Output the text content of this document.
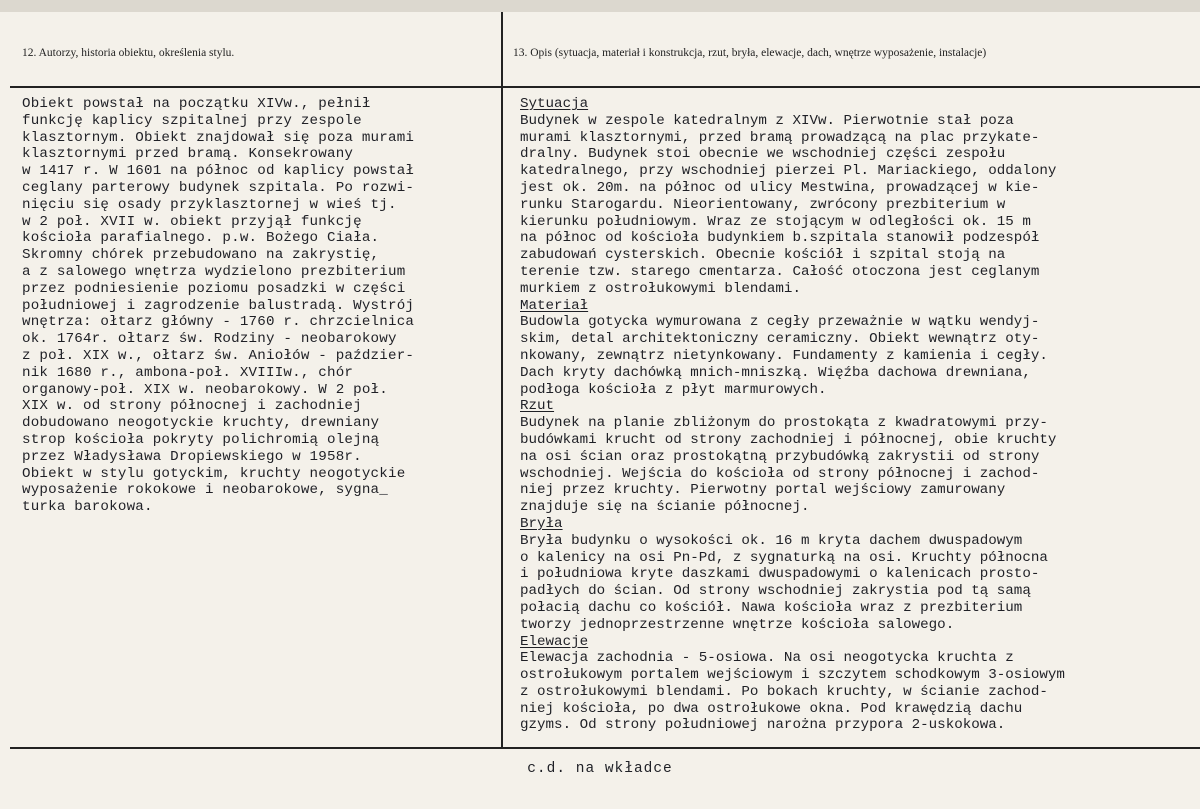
12. Autorzy, historia obiektu, określenia stylu.	13. Opis (sytuacja, materiał i konstrukcja, rzut, bryła, elewacje, dach, wnętrze wyposażenie, instalacje)
Obiekt powstał na początku XIVw., pełnił
funkcję kaplicy szpitalnej przy zespole
klasztornym. Obiekt znajdował się poza murami
klasztornymi przed bramą. Konsekrowany
w 1417 r. W 1601 na północ od kaplicy powstał
ceglany parterowy budynek szpitala. Po rozwi-
nięciu się osady przyklasztornej w wieś tj.
w 2 poł. XVII w. obiekt przyjął funkcję
kościoła parafialnego. p.w. Bożego Ciała.
Skromny chórek przebudowano na zakrystię,
a z salowego wnętrza wydzielono prezbiterium
przez podniesienie poziomu posadzki w części
południowej i zagrodzenie balustradą. Wystrój
wnętrza: ołtarz główny - 1760 r. chrzcielnica
ok. 1764r. ołtarz św. Rodziny - neobarokowy
z poł. XIX w., ołtarz św. Aniołów - paździer-
nik 1680 r., ambona-poł. XVIIIw., chór
organowy-poł. XIX w. neobarokowy. W 2 poł.
XIX w. od strony północnej i zachodniej
dobudowano neogotyckie kruchty, drewniany
strop kościoła pokryty polichromią olejną
przez Władysława Dropiewskiego w 1958r.
Obiekt w stylu gotyckim, kruchty neogotyckie
wyposażenie rokokowe i neobarokowe, sygna_
turka barokowa.
Sytuacja
Budynek w zespole katedralnym z XIVw. Pierwotnie stał poza
murami klasztornymi, przed bramą prowadzącą na plac przykate-
dralny. Budynek stoi obecnie we wschodniej części zespołu
katedralnego, przy wschodniej pierzei Pl. Mariackiego, oddalony
jest ok. 20m. na północ od ulicy Mestwina, prowadzącej w kie-
runku Starogardu. Nieorientowany, zwrócony prezbiterium w
kierunku południowym. Wraz ze stojącym w odległości ok. 15 m
na północ od kościoła budynkiem b.szpitala stanowił podzespół
zabudowań cysterskich. Obecnie kościół i szpital stoją na
terenie tzw. starego cmentarza. Całość otoczona jest ceglanym
murkiem z ostrołukowymi blendami.
Materiał
Budowla gotycka wymurowana z cegły przeważnie w wątku wendyj-
skim, detal architektoniczny ceramiczny. Obiekt wewnątrz oty-
nkowany, zewnątrz nietynkowany. Fundamenty z kamienia i cegły.
Dach kryty dachówką mnich-mniszką. Więźba dachowa drewniana,
podłoga kościoła z płyt marmurowych.
Rzut
Budynek na planie zbliżonym do prostokąta z kwadratowymi przy-
budówkami krucht od strony zachodniej i północnej, obie kruchty
na osi ścian oraz prostokątną przybudówką zakrystii od strony
wschodniej. Wejścia do kościoła od strony północnej i zachod-
niej przez kruchty. Pierwotny portal wejściowy zamurowany
znajduje się na ścianie północnej.
Bryła
Bryła budynku o wysokości ok. 16 m kryta dachem dwuspadowym
o kalenicy na osi Pn-Pd, z sygnaturką na osi. Kruchty północna
i południowa kryte daszkami dwuspadowymi o kalenicach prosto-
padłych do ścian. Od strony wschodniej zakrystia pod tą samą
połacią dachu co kościół. Nawa kościoła wraz z prezbiterium
tworzy jednoprzestrzenne wnętrze kościoła salowego.
Elewacje
Elewacja zachodnia - 5-osiowa. Na osi neogotycka kruchta z
ostrołukowym portalem wejściowym i szczytem schodkowym 3-osiowym
z ostrołukowymi blendami. Po bokach kruchty, w ścianie zachod-
niej kościoła, po dwa ostrołukowe okna. Pod krawędzią dachu
gzyms. Od strony południowej narożna przypora 2-uskokowa.
c.d. na wkładce
